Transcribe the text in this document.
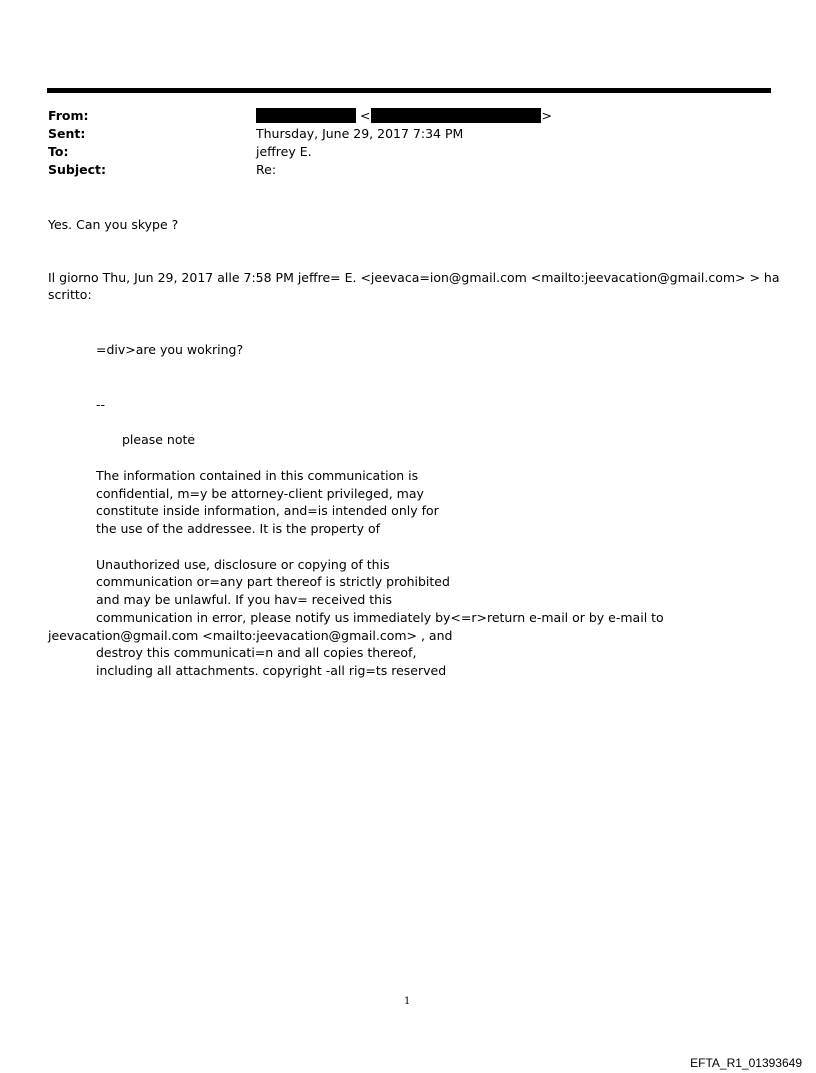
From:	<	>
Sent:	Thursday, June 29, 2017 7:34 PM
To:	jeffrey E.
Subject:	Re:
Yes. Can you skype ?
Il giorno Thu, Jun 29, 2017 alle 7:58 PM jeffre= E. <jeevaca=ion@gmail.com <mailto:jeevacation@gmail.com> > ha
scritto:
=div>are you wokring?
--
please note
The information contained in this communication is
confidential, m=y be attorney-client privileged, may
constitute inside information, and=is intended only for
the use of the addressee. It is the property of
Unauthorized use, disclosure or copying of this
communication or=any part thereof is strictly prohibited
and may be unlawful. If you hav= received this
communication in error, please notify us immediately by<=r>return e-mail or by e-mail to
jeevacation@gmail.com <mailto:jeevacation@gmail.com> , and
destroy this communicati=n and all copies thereof,
including all attachments. copyright -all rig=ts reserved
1
EFTA_R1_01393649
